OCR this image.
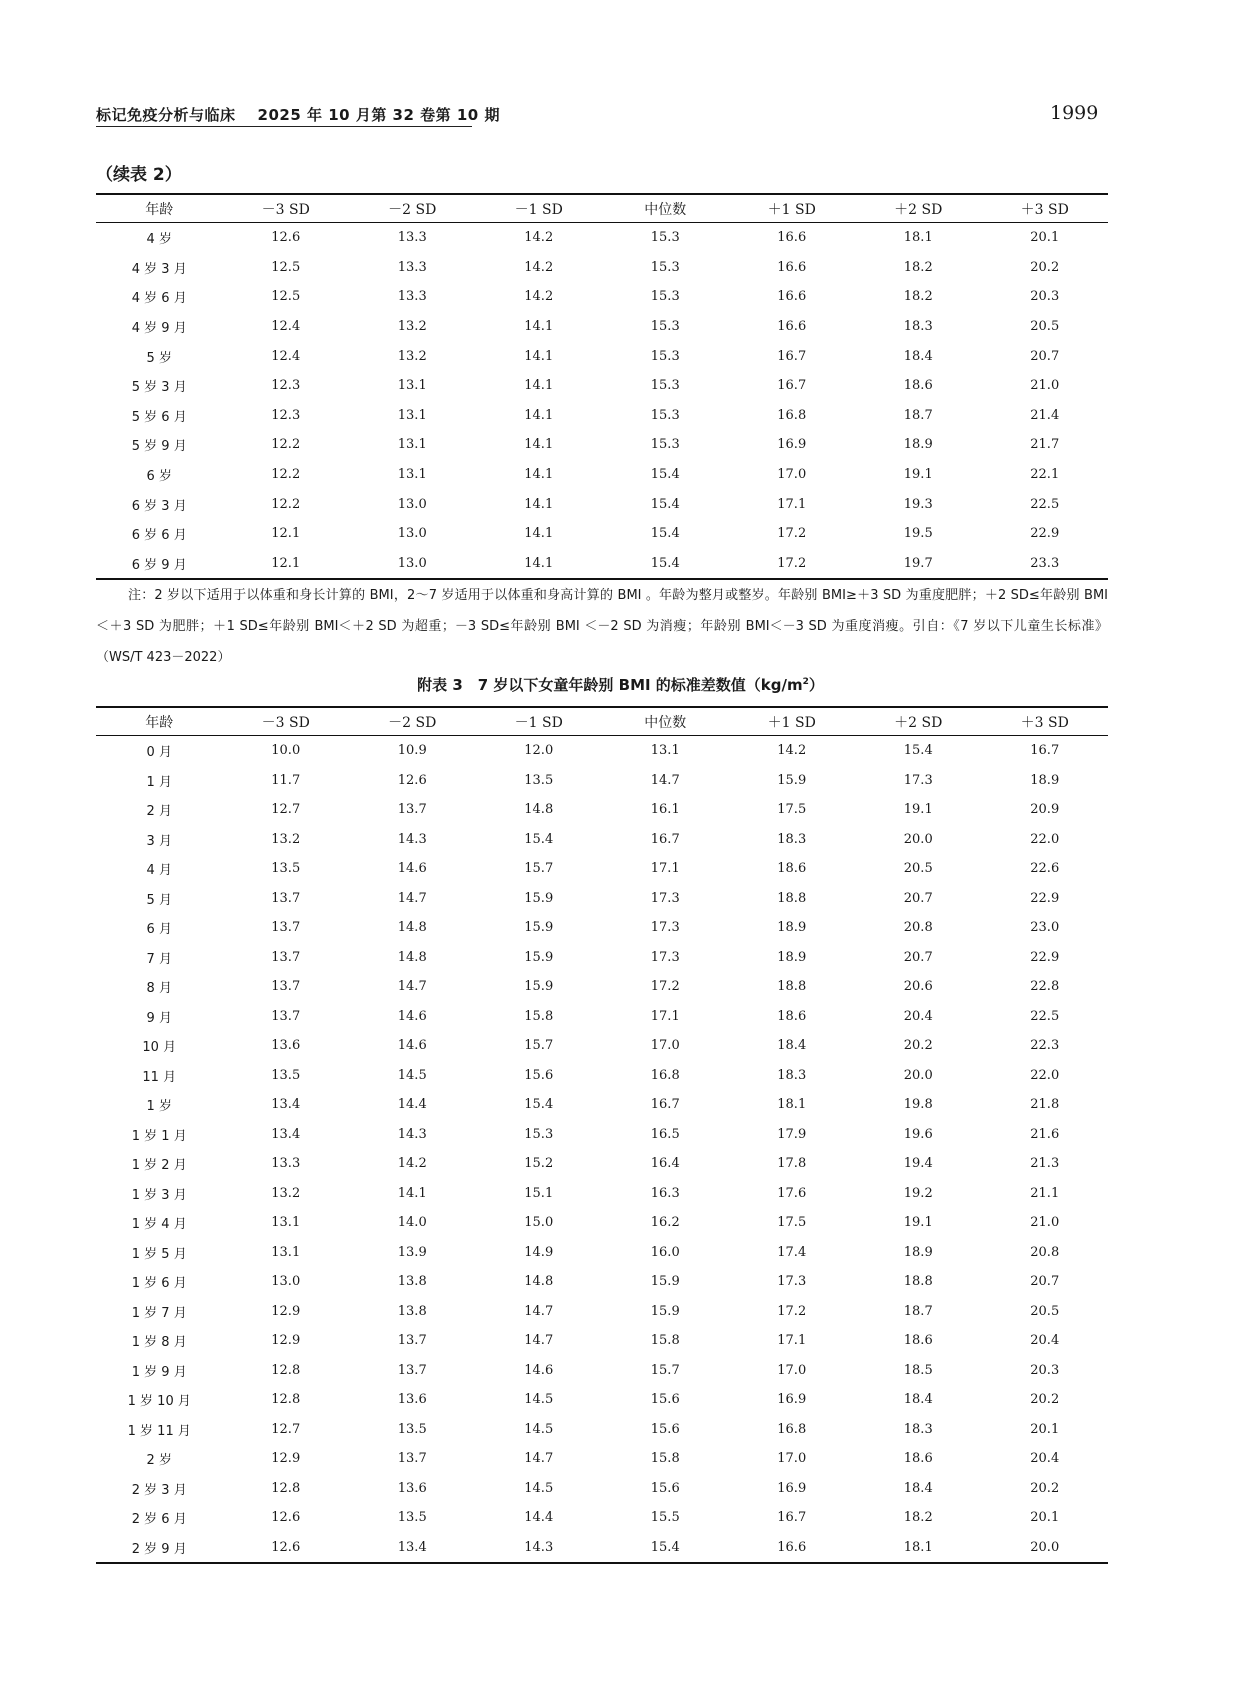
标记免疫分析与临床 2025 年 10 月第 32 卷第 10 期	1999
（续表 2）
年龄	－3 SD	－2 SD	－1 SD	中位数	＋1 SD	＋2 SD	＋3 SD
4 岁	12.6	13.3	14.2	15.3	16.6	18.1	20.1
4 岁 3 月	12.5	13.3	14.2	15.3	16.6	18.2	20.2
4 岁 6 月	12.5	13.3	14.2	15.3	16.6	18.2	20.3
4 岁 9 月	12.4	13.2	14.1	15.3	16.6	18.3	20.5
5 岁	12.4	13.2	14.1	15.3	16.7	18.4	20.7
5 岁 3 月	12.3	13.1	14.1	15.3	16.7	18.6	21.0
5 岁 6 月	12.3	13.1	14.1	15.3	16.8	18.7	21.4
5 岁 9 月	12.2	13.1	14.1	15.3	16.9	18.9	21.7
6 岁	12.2	13.1	14.1	15.4	17.0	19.1	22.1
6 岁 3 月	12.2	13.0	14.1	15.4	17.1	19.3	22.5
6 岁 6 月	12.1	13.0	14.1	15.4	17.2	19.5	22.9
6 岁 9 月	12.1	13.0	14.1	15.4	17.2	19.7	23.3
注：2 岁以下适用于以体重和身长计算的 BMI，2～7 岁适用于以体重和身高计算的 BMI 。年龄为整月或整岁。年龄别 BMI≥＋3 SD 为重度肥胖；＋2 SD≤年龄别 BMI ＜＋3 SD 为肥胖；＋1 SD≤年龄别 BMI＜＋2 SD 为超重；－3 SD≤年龄别 BMI ＜－2 SD 为消瘦；年龄别 BMI＜－3 SD 为重度消瘦。引自：《7 岁以下儿童生长标准》（WS/T 423－2022）
附表 3　7 岁以下女童年龄别 BMI 的标准差数值$(kg/m^2)$
年龄	－3 SD	－2 SD	－1 SD	中位数	＋1 SD	＋2 SD	＋3 SD
0 月	10.0	10.9	12.0	13.1	14.2	15.4	16.7
1 月	11.7	12.6	13.5	14.7	15.9	17.3	18.9
2 月	12.7	13.7	14.8	16.1	17.5	19.1	20.9
3 月	13.2	14.3	15.4	16.7	18.3	20.0	22.0
4 月	13.5	14.6	15.7	17.1	18.6	20.5	22.6
5 月	13.7	14.7	15.9	17.3	18.8	20.7	22.9
6 月	13.7	14.8	15.9	17.3	18.9	20.8	23.0
7 月	13.7	14.8	15.9	17.3	18.9	20.7	22.9
8 月	13.7	14.7	15.9	17.2	18.8	20.6	22.8
9 月	13.7	14.6	15.8	17.1	18.6	20.4	22.5
10 月	13.6	14.6	15.7	17.0	18.4	20.2	22.3
11 月	13.5	14.5	15.6	16.8	18.3	20.0	22.0
1 岁	13.4	14.4	15.4	16.7	18.1	19.8	21.8
1 岁 1 月	13.4	14.3	15.3	16.5	17.9	19.6	21.6
1 岁 2 月	13.3	14.2	15.2	16.4	17.8	19.4	21.3
1 岁 3 月	13.2	14.1	15.1	16.3	17.6	19.2	21.1
1 岁 4 月	13.1	14.0	15.0	16.2	17.5	19.1	21.0
1 岁 5 月	13.1	13.9	14.9	16.0	17.4	18.9	20.8
1 岁 6 月	13.0	13.8	14.8	15.9	17.3	18.8	20.7
1 岁 7 月	12.9	13.8	14.7	15.9	17.2	18.7	20.5
1 岁 8 月	12.9	13.7	14.7	15.8	17.1	18.6	20.4
1 岁 9 月	12.8	13.7	14.6	15.7	17.0	18.5	20.3
1 岁 10 月	12.8	13.6	14.5	15.6	16.9	18.4	20.2
1 岁 11 月	12.7	13.5	14.5	15.6	16.8	18.3	20.1
2 岁	12.9	13.7	14.7	15.8	17.0	18.6	20.4
2 岁 3 月	12.8	13.6	14.5	15.6	16.9	18.4	20.2
2 岁 6 月	12.6	13.5	14.4	15.5	16.7	18.2	20.1
2 岁 9 月	12.6	13.4	14.3	15.4	16.6	18.1	20.0
